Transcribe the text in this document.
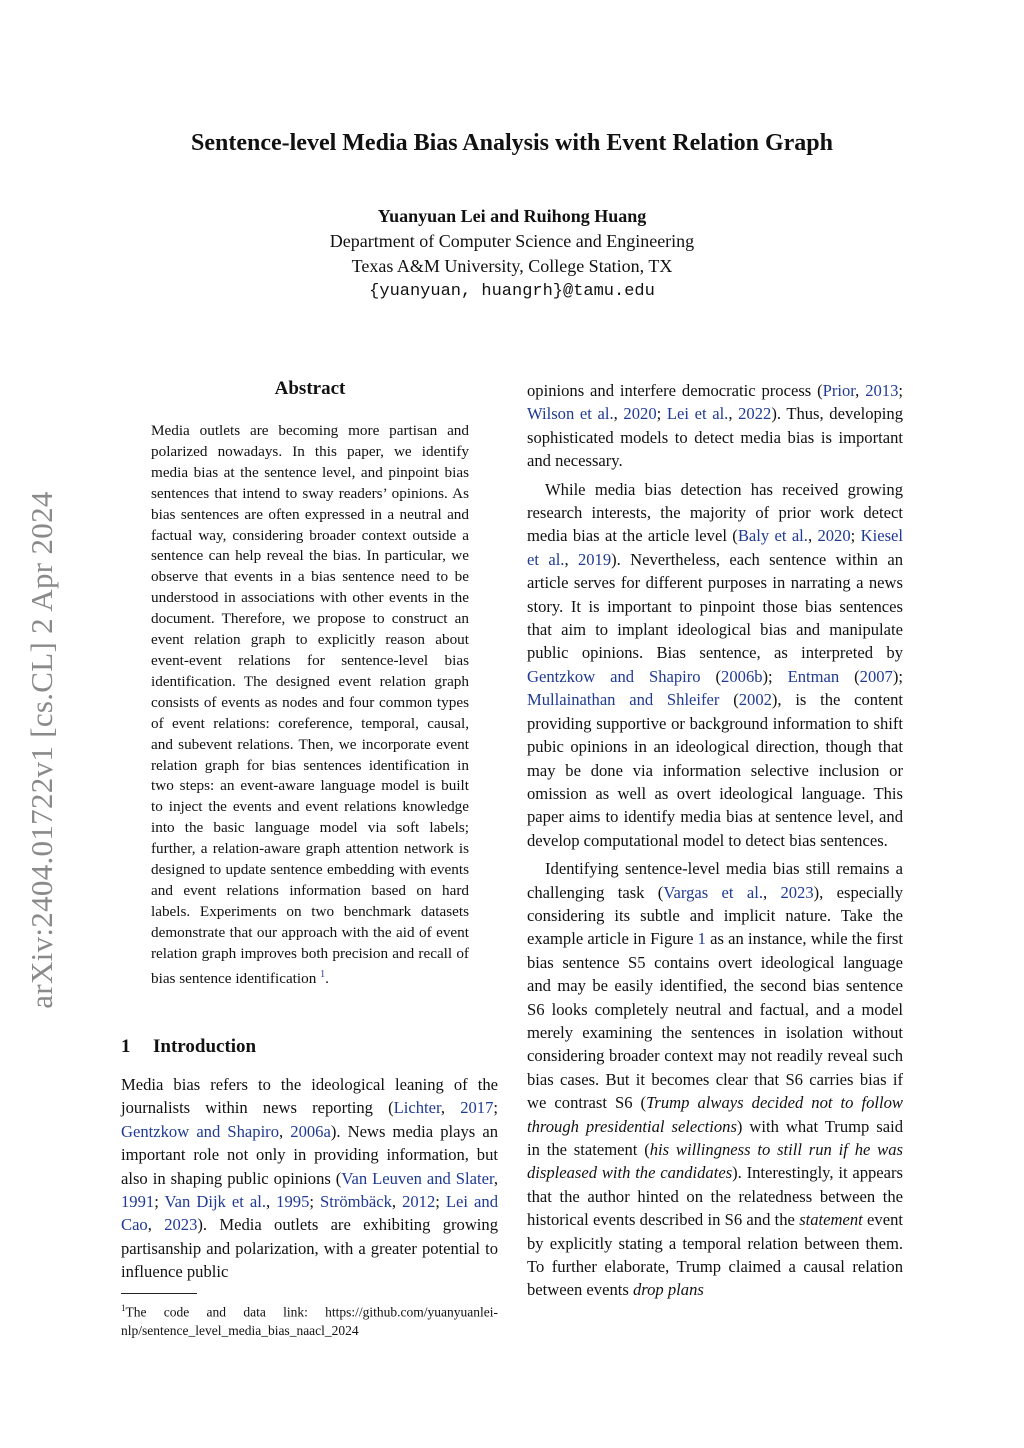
arXiv:2404.01722v1 [cs.CL] 2 Apr 2024
Sentence-level Media Bias Analysis with Event Relation Graph
Yuanyuan Lei and Ruihong Huang
Department of Computer Science and Engineering
Texas A&M University, College Station, TX
{yuanyuan, huangrh}@tamu.edu
Abstract
Media outlets are becoming more partisan and polarized nowadays. In this paper, we identify media bias at the sentence level, and pinpoint bias sentences that intend to sway readers’ opinions. As bias sentences are often expressed in a neutral and factual way, considering broader context outside a sentence can help reveal the bias. In particular, we observe that events in a bias sentence need to be understood in associations with other events in the document. Therefore, we propose to construct an event relation graph to explicitly reason about event-event relations for sentence-level bias identification. The designed event relation graph consists of events as nodes and four common types of event relations: coreference, temporal, causal, and subevent relations. Then, we incorporate event relation graph for bias sentences identification in two steps: an event-aware language model is built to inject the events and event relations knowledge into the basic language model via soft labels; further, a relation-aware graph attention network is designed to update sentence embedding with events and event relations information based on hard labels. Experiments on two benchmark datasets demonstrate that our approach with the aid of event relation graph improves both precision and recall of bias sentence identification $^1$.
1 Introduction

Media bias refers to the ideological leaning of the journalists within news reporting (Lichter, 2017; Gentzkow and Shapiro, 2006a). News media plays an important role not only in providing information, but also in shaping public opinions (Van Leuven and Slater, 1991; Van Dijk et al., 1995; Strömbäck, 2012; Lei and Cao, 2023). Media outlets are exhibiting growing partisanship and polarization, with a greater potential to influence public

$^1$The code and data link: https://github.com/yuanyuanlei-nlp/sentence_level_media_bias_naacl_2024

opinions and interfere democratic process (Prior, 2013; Wilson et al., 2020; Lei et al., 2022). Thus, developing sophisticated models to detect media bias is important and necessary.

While media bias detection has received growing research interests, the majority of prior work detect media bias at the article level (Baly et al., 2020; Kiesel et al., 2019). Nevertheless, each sentence within an article serves for different purposes in narrating a news story. It is important to pinpoint those bias sentences that aim to implant ideological bias and manipulate public opinions. Bias sentence, as interpreted by Gentzkow and Shapiro (2006b); Entman (2007); Mullainathan and Shleifer (2002), is the content providing supportive or background information to shift pubic opinions in an ideological direction, though that may be done via information selective inclusion or omission as well as overt ideological language. This paper aims to identify media bias at sentence level, and develop computational model to detect bias sentences.

Identifying sentence-level media bias still remains a challenging task (Vargas et al., 2023), especially considering its subtle and implicit nature. Take the example article in Figure 1 as an instance, while the first bias sentence S5 contains overt ideological language and may be easily identified, the second bias sentence S6 looks completely neutral and factual, and a model merely examining the sentences in isolation without considering broader context may not readily reveal such bias cases. But it becomes clear that S6 carries bias if we contrast S6 (Trump always decided not to follow through presidential selections) with what Trump said in the statement (his willingness to still run if he was displeased with the candidates). Interestingly, it appears that the author hinted on the relatedness between the historical events described in S6 and the statement event by explicitly stating a temporal relation between them. To further elaborate, Trump claimed a causal relation between events drop plans
